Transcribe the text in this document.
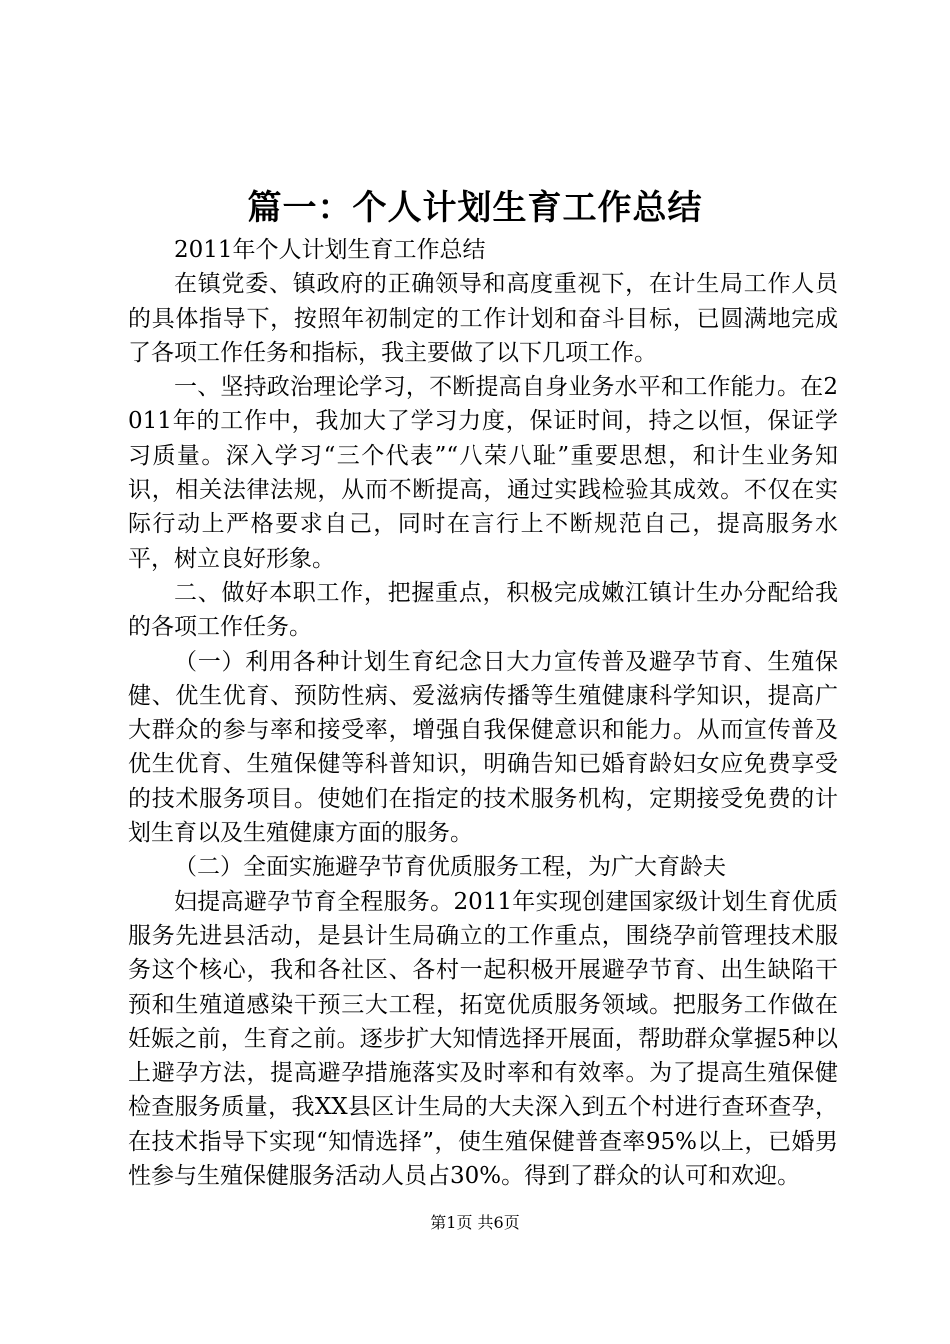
篇一：个人计划生育工作总结

2011年个人计划生育工作总结

在镇党委、镇政府的正确领导和高度重视下，在计生局工作人员的具体指导下，按照年初制定的工作计划和奋斗目标，已圆满地完成了各项工作任务和指标，我主要做了以下几项工作。

一、坚持政治理论学习，不断提高自身业务水平和工作能力。在2011年的工作中，我加大了学习力度，保证时间，持之以恒，保证学习质量。深入学习“三个代表”“八荣八耻”重要思想，和计生业务知识，相关法律法规，从而不断提高，通过实践检验其成效。不仅在实际行动上严格要求自己，同时在言行上不断规范自己，提高服务水平，树立良好形象。

二、做好本职工作，把握重点，积极完成嫩江镇计生办分配给我的各项工作任务。

（一）利用各种计划生育纪念日大力宣传普及避孕节育、生殖保健、优生优育、预防性病、爱滋病传播等生殖健康科学知识，提高广大群众的参与率和接受率，增强自我保健意识和能力。从而宣传普及优生优育、生殖保健等科普知识，明确告知已婚育龄妇女应免费享受的技术服务项目。使她们在指定的技术服务机构，定期接受免费的计划生育以及生殖健康方面的服务。

（二）全面实施避孕节育优质服务工程，为广大育龄夫

妇提高避孕节育全程服务。2011年实现创建国家级计划生育优质服务先进县活动，是县计生局确立的工作重点，围绕孕前管理技术服务这个核心，我和各社区、各村一起积极开展避孕节育、出生缺陷干预和生殖道感染干预三大工程，拓宽优质服务领域。把服务工作做在妊娠之前，生育之前。逐步扩大知情选择开展面，帮助群众掌握5种以上避孕方法，提高避孕措施落实及时率和有效率。为了提高生殖保健检查服务质量，我XX县区计生局的大夫深入到五个村进行查环查孕，在技术指导下实现“知情选择”，使生殖保健普查率95%以上，已婚男性参与生殖保健服务活动人员占30%。得到了群众的认可和欢迎。

第1页 共6页
